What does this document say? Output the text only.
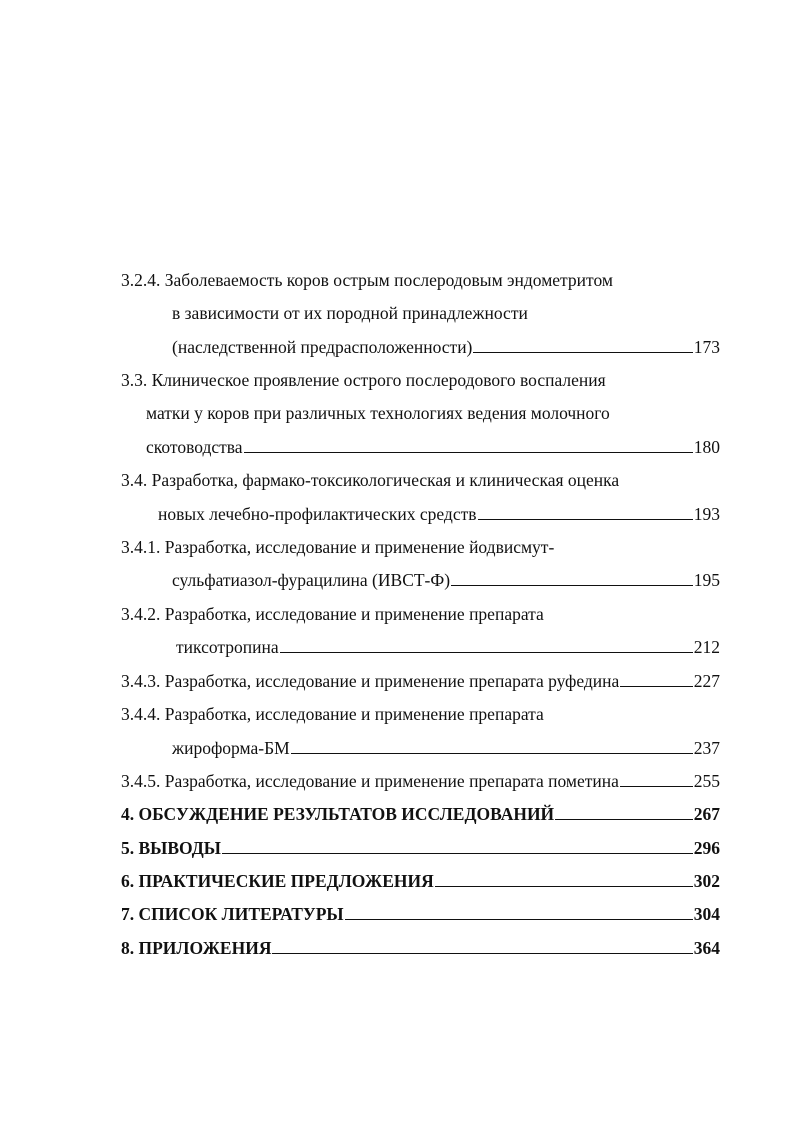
3.2.4. Заболеваемость коров острым послеродовым эндометритом
в зависимости от их породной принадлежности
(наследственной предрасположенности)	173
3.3. Клиническое проявление острого послеродового воспаления
матки у коров при различных технологиях ведения молочного
скотоводства	180
3.4. Разработка, фармако-токсикологическая и клиническая оценка
новых лечебно-профилактических средств	193
3.4.1. Разработка, исследование и применение йодвисмут-
сульфатиазол-фурацилина (ИВСТ-Ф)	195
3.4.2. Разработка, исследование и применение препарата
тиксотропина	212
3.4.3. Разработка, исследование и применение препарата руфедина	227
3.4.4. Разработка, исследование и применение препарата
жироформа-БМ	237
3.4.5. Разработка, исследование и применение препарата пометина	255
4. ОБСУЖДЕНИЕ РЕЗУЛЬТАТОВ ИССЛЕДОВАНИЙ	267
5. ВЫВОДЫ	296
6. ПРАКТИЧЕСКИЕ ПРЕДЛОЖЕНИЯ	302
7. СПИСОК ЛИТЕРАТУРЫ	304
8. ПРИЛОЖЕНИЯ	364
